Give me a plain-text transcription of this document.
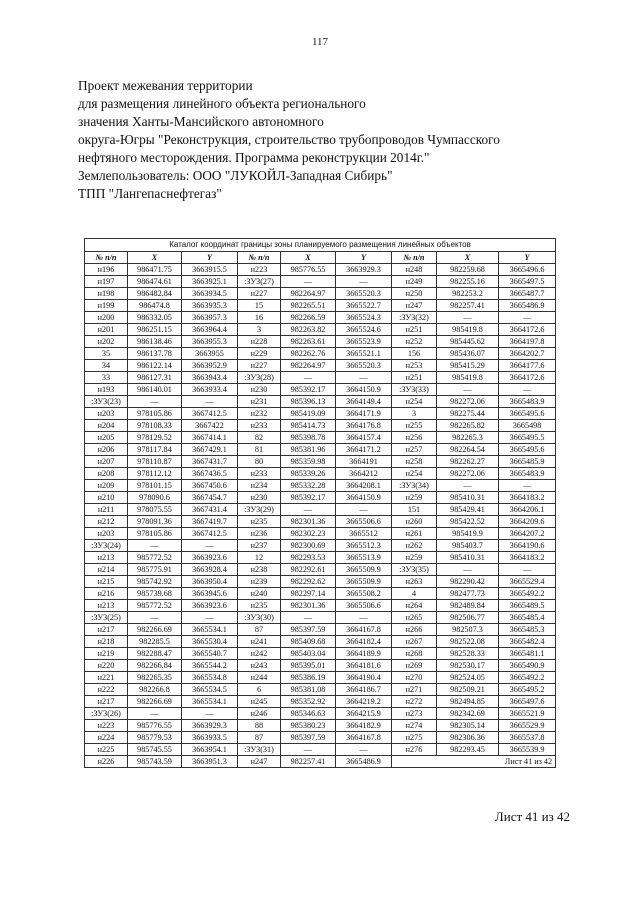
117
Проект межевания территории
для размещения линейного объекта регионального
значения Ханты-Мансийского автономного
округа-Югры "Реконструкция, строительство трубопроводов Чумпасского
нефтяного месторождения. Программа реконструкции 2014г."
Землепользователь: ООО "ЛУКОЙЛ-Западная Сибирь"
ТПП "Лангепаснефтегаз"
Каталог координат границы зоны планируемого размещения линейных объектов								
№ п/п	X	Y	№ п/п	X	Y	№ п/п	X	Y
н196	986471.75	3663915.5	н223	985776.55	3663929.3	н248	982259.68	3665496.6
н197	986474.61	3663925.1	:ЗУ3(27)	—	—	н249	982255.16	3665497.5
н198	986482.84	3663934.5	н227	982264.97	3665520.3	н250	982253.2	3665487.7
н199	986474.8	3663935.3	15	982265.51	3665522.7	н247	982257.41	3665486.9
н200	986332.05	3663957.3	16	982266.59	3665524.3	:ЗУ3(32)	—	—
н201	986251.15	3663964.4	3	982263.82	3665524.6	н251	985419.8	3664172.6
н202	986138.46	3663955.3	н228	982263.61	3665523.9	н252	985445.62	3664197.8
35	986137.78	3663955	н229	982262.76	3665521.1	156	985436.07	3664202.7
34	986122.14	3663952.9	н227	982264.97	3665520.3	н253	985415.29	3664177.6
33	986127.31	3663943.4	:ЗУ3(28)	—	—	н251	985419.8	3664172.6
н193	986140.01	3663933.4	н230	985392.17	3664150.9	:ЗУ3(33)	—	—
:ЗУ3(23)	—	—	н231	985396.13	3664149.4	н254	982272.06	3665483.9
н203	978105.86	3667412.5	н232	985419.09	3664171.9	3	982275.44	3665495.6
н204	978108.33	3667422	н233	985414.73	3664176.8	н255	982265.82	3665498
н205	978129.52	3667414.1	82	985398.78	3664157.4	н256	982265.3	3665495.5
н206	978117.84	3667429.1	81	985381.96	3664171.2	н257	982264.54	3665495.6
н207	978110.87	3667431.7	80	985359.98	3664191	н258	982262.27	3665485.9
н208	978112.12	3667436.5	н233	985339.26	3664212	н254	982272.06	3665483.9
н209	978101.15	3667450.6	н234	985332.28	3664208.1	:ЗУ3(34)	—	—
н210	978090.6	3667454.7	н230	985392.17	3664150.9	н259	985410.31	3664183.2
н211	978075.55	3667431.4	:ЗУ3(29)	—	—	151	985429.41	3664206.1
н212	978091.36	3667419.7	н235	982301.36	3665506.6	н260	985422.52	3664209.6
н203	978105.86	3667412.5	н236	982302.23	3665512	н261	985419.9	3664207.2
:ЗУ3(24)	—	—	н237	982300.69	3665512.3	н262	985403.7	3664190.6
н213	985772.52	3663923.6	12	982293.53	3665513.9	н259	985410.31	3664183.2
н214	985775.91	3663928.4	н238	982292.61	3665509.9	:ЗУ3(35)	—	—
н215	985742.92	3663950.4	н239	982292.62	3665509.9	н263	982290.42	3665529.4
н216	985739.68	3663945.6	н240	982297.14	3665508.2	4	982477.73	3665492.2
н213	985772.52	3663923.6	н235	982301.36	3665506.6	н264	982489.84	3665489.5
:ЗУ3(25)	—	—	:ЗУ3(30)	—	—	н265	982506.77	3665485.4
н217	982266.69	3665534.1	87	985397.59	3664167.8	н266	982507.3	3665485.3
н218	982285.5	3665530.4	н241	985409.68	3664182.4	н267	982522.08	3665482.4
н219	982288.47	3665540.7	н242	985403.04	3664189.9	н268	982528.33	3665481.1
н220	982266.84	3665544.2	н243	985395.01	3664181.6	н269	982530.17	3665490.9
н221	982265.35	3665534.8	н244	985386.19	3664190.4	н270	982524.05	3665492.2
н222	982266.8	3665534.5	6	985381.08	3664186.7	н271	982509.21	3665495.2
н217	982266.69	3665534.1	н245	985352.92	3664219.2	н272	982494.85	3665497.6
:ЗУ3(26)	—	—	н246	985346.63	3664215.9	н273	982342.69	3665521.9
н223	985776.55	3663929.3	88	985380.23	3664182.9	н274	982305.14	3665529.9
н224	985779.53	3663933.5	87	985397.59	3664167.8	н275	982306.36	3665537.8
н225	985745.55	3663954.1	:ЗУ3(31)	—	—	н276	982293.45	3665539.9
н226	985743.59	3663951.3	н247	982257.41	3665486.9	Лист 41 из 42		
Лист 41 из 42
